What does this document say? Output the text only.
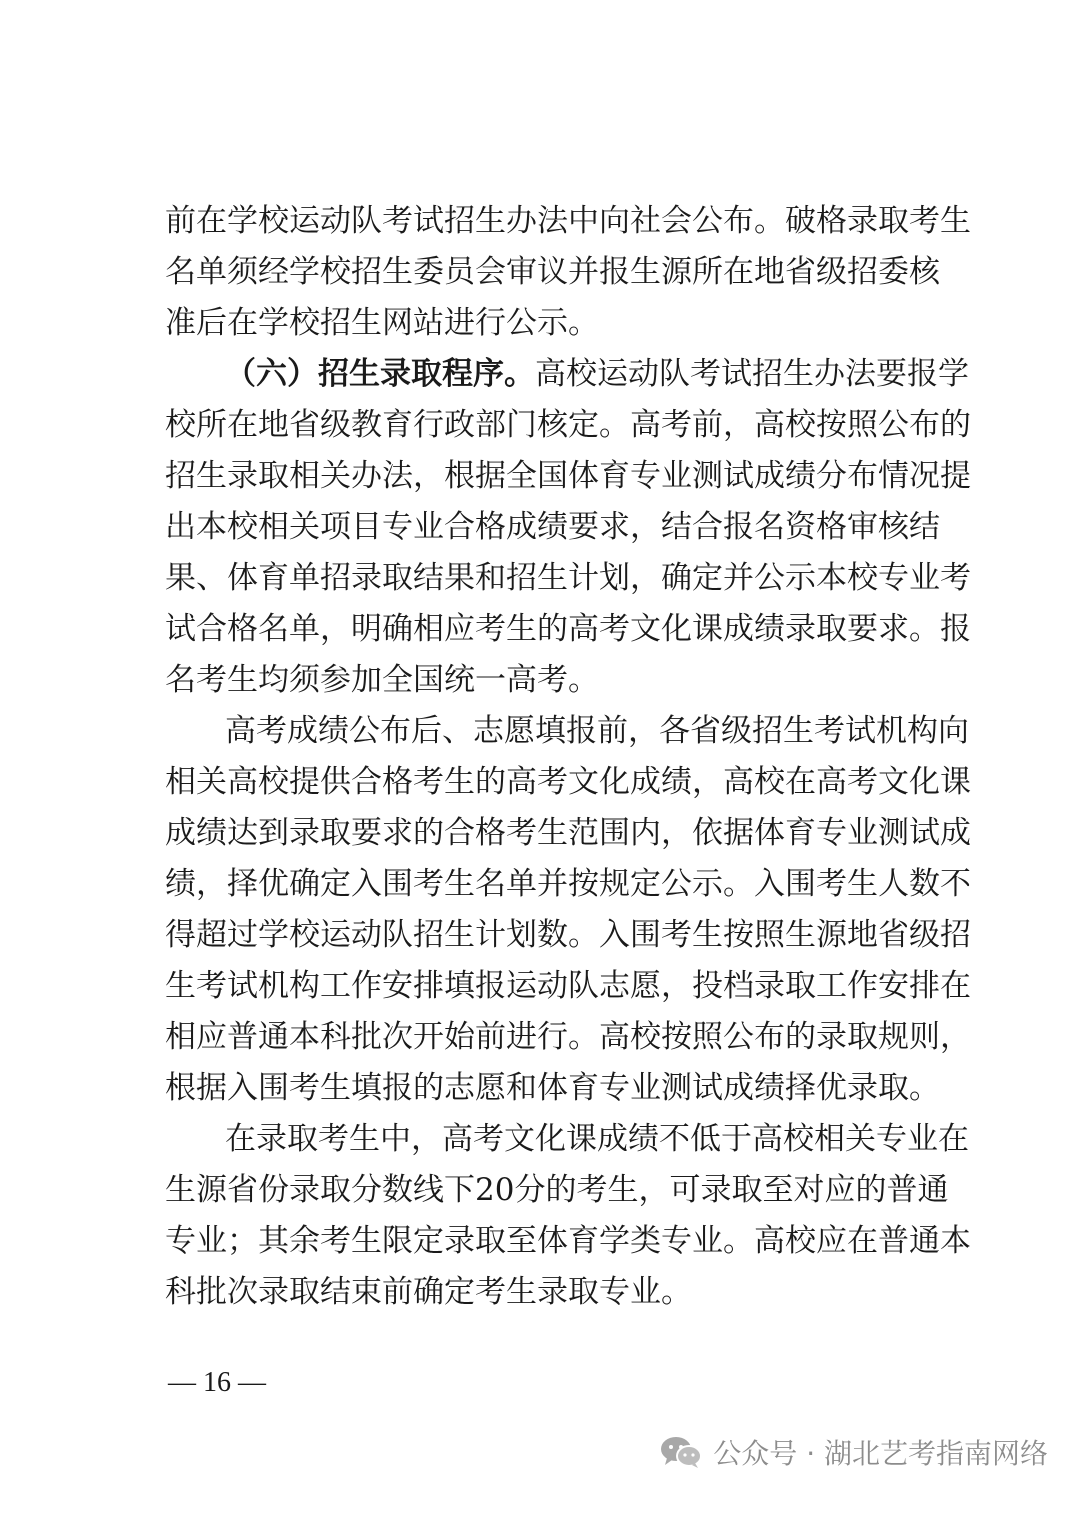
前在学校运动队考试招生办法中向社会公布。破格录取考生
名单须经学校招生委员会审议并报生源所在地省级招委核
准后在学校招生网站进行公示。
（六）招生录取程序。高校运动队考试招生办法要报学
校所在地省级教育行政部门核定。高考前，高校按照公布的
招生录取相关办法，根据全国体育专业测试成绩分布情况提
出本校相关项目专业合格成绩要求，结合报名资格审核结
果、体育单招录取结果和招生计划，确定并公示本校专业考
试合格名单，明确相应考生的高考文化课成绩录取要求。报
名考生均须参加全国统一高考。
高考成绩公布后、志愿填报前，各省级招生考试机构向
相关高校提供合格考生的高考文化成绩，高校在高考文化课
成绩达到录取要求的合格考生范围内，依据体育专业测试成
绩，择优确定入围考生名单并按规定公示。入围考生人数不
得超过学校运动队招生计划数。入围考生按照生源地省级招
生考试机构工作安排填报运动队志愿，投档录取工作安排在
相应普通本科批次开始前进行。高校按照公布的录取规则，
根据入围考生填报的志愿和体育专业测试成绩择优录取。
在录取考生中，高考文化课成绩不低于高校相关专业在
生源省份录取分数线下20分的考生，可录取至对应的普通
专业；其余考生限定录取至体育学类专业。高校应在普通本
科批次录取结束前确定考生录取专业。
— 16 —
公众号 · 湖北艺考指南网络
